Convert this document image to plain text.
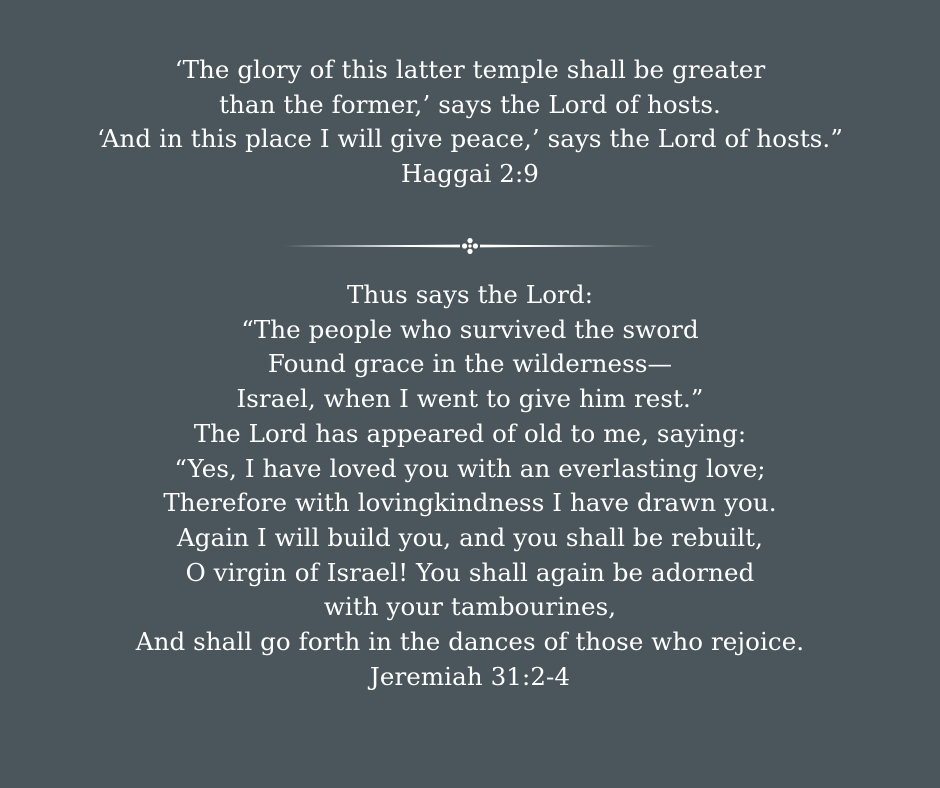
‘The glory of this latter temple shall be greater
than the former,’ says the Lord of hosts.
‘And in this place I will give peace,’ says the Lord of hosts.”
Haggai 2:9
Thus says the Lord:
“The people who survived the sword
Found grace in the wilderness—
Israel, when I went to give him rest.”
The Lord has appeared of old to me, saying:
“Yes, I have loved you with an everlasting love;
Therefore with lovingkindness I have drawn you.
Again I will build you, and you shall be rebuilt,
O virgin of Israel! You shall again be adorned
with your tambourines,
And shall go forth in the dances of those who rejoice.
Jeremiah 31:2-4
